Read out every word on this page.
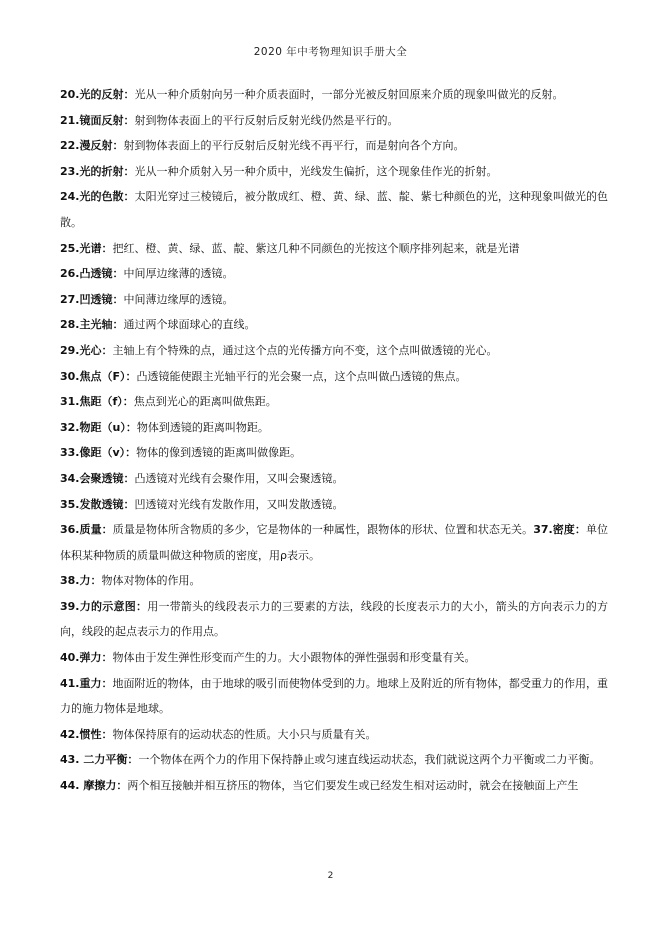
2020 年中考物理知识手册大全

20.光的反射：光从一种介质射向另一种介质表面时，一部分光被反射回原来介质的现象叫做光的反射。

21.镜面反射：射到物体表面上的平行反射后反射光线仍然是平行的。

22.漫反射：射到物体表面上的平行反射后反射光线不再平行，而是射向各个方向。

23.光的折射：光从一种介质射入另一种介质中，光线发生偏折，这个现象佳作光的折射。

24.光的色散：太阳光穿过三棱镜后，被分散成红、橙、黄、绿、蓝、靛、紫七种颜色的光，这种现象叫做光的色散。

25.光谱：把红、橙、黄、绿、蓝、靛、紫这几种不同颜色的光按这个顺序排列起来，就是光谱

26.凸透镜：中间厚边缘薄的透镜。

27.凹透镜：中间薄边缘厚的透镜。

28.主光轴：通过两个球面球心的直线。

29.光心：主轴上有个特殊的点，通过这个点的光传播方向不变，这个点叫做透镜的光心。

30.焦点（F）：凸透镜能使跟主光轴平行的光会聚一点，这个点叫做凸透镜的焦点。

31.焦距（f）：焦点到光心的距离叫做焦距。

32.物距（u）：物体到透镜的距离叫物距。

33.像距（v）：物体的像到透镜的距离叫做像距。

34.会聚透镜：凸透镜对光线有会聚作用，又叫会聚透镜。

35.发散透镜：凹透镜对光线有发散作用，又叫发散透镜。

36.质量：质量是物体所含物质的多少，它是物体的一种属性，跟物体的形状、位置和状态无关。37.密度：单位体积某种物质的质量叫做这种物质的密度，用ρ表示。

38.力：物体对物体的作用。

39.力的示意图：用一带箭头的线段表示力的三要素的方法，线段的长度表示力的大小，箭头的方向表示力的方向，线段的起点表示力的作用点。

40.弹力：物体由于发生弹性形变而产生的力。大小跟物体的弹性强弱和形变量有关。

41.重力：地面附近的物体，由于地球的吸引而使物体受到的力。地球上及附近的所有物体，都受重力的作用，重力的施力物体是地球。

42.惯性：物体保持原有的运动状态的性质。大小只与质量有关。

43. 二力平衡：一个物体在两个力的作用下保持静止或匀速直线运动状态，我们就说这两个力平衡或二力平衡。

44. 摩擦力：两个相互接触并相互挤压的物体，当它们要发生或已经发生相对运动时，就会在接触面上产生

2
